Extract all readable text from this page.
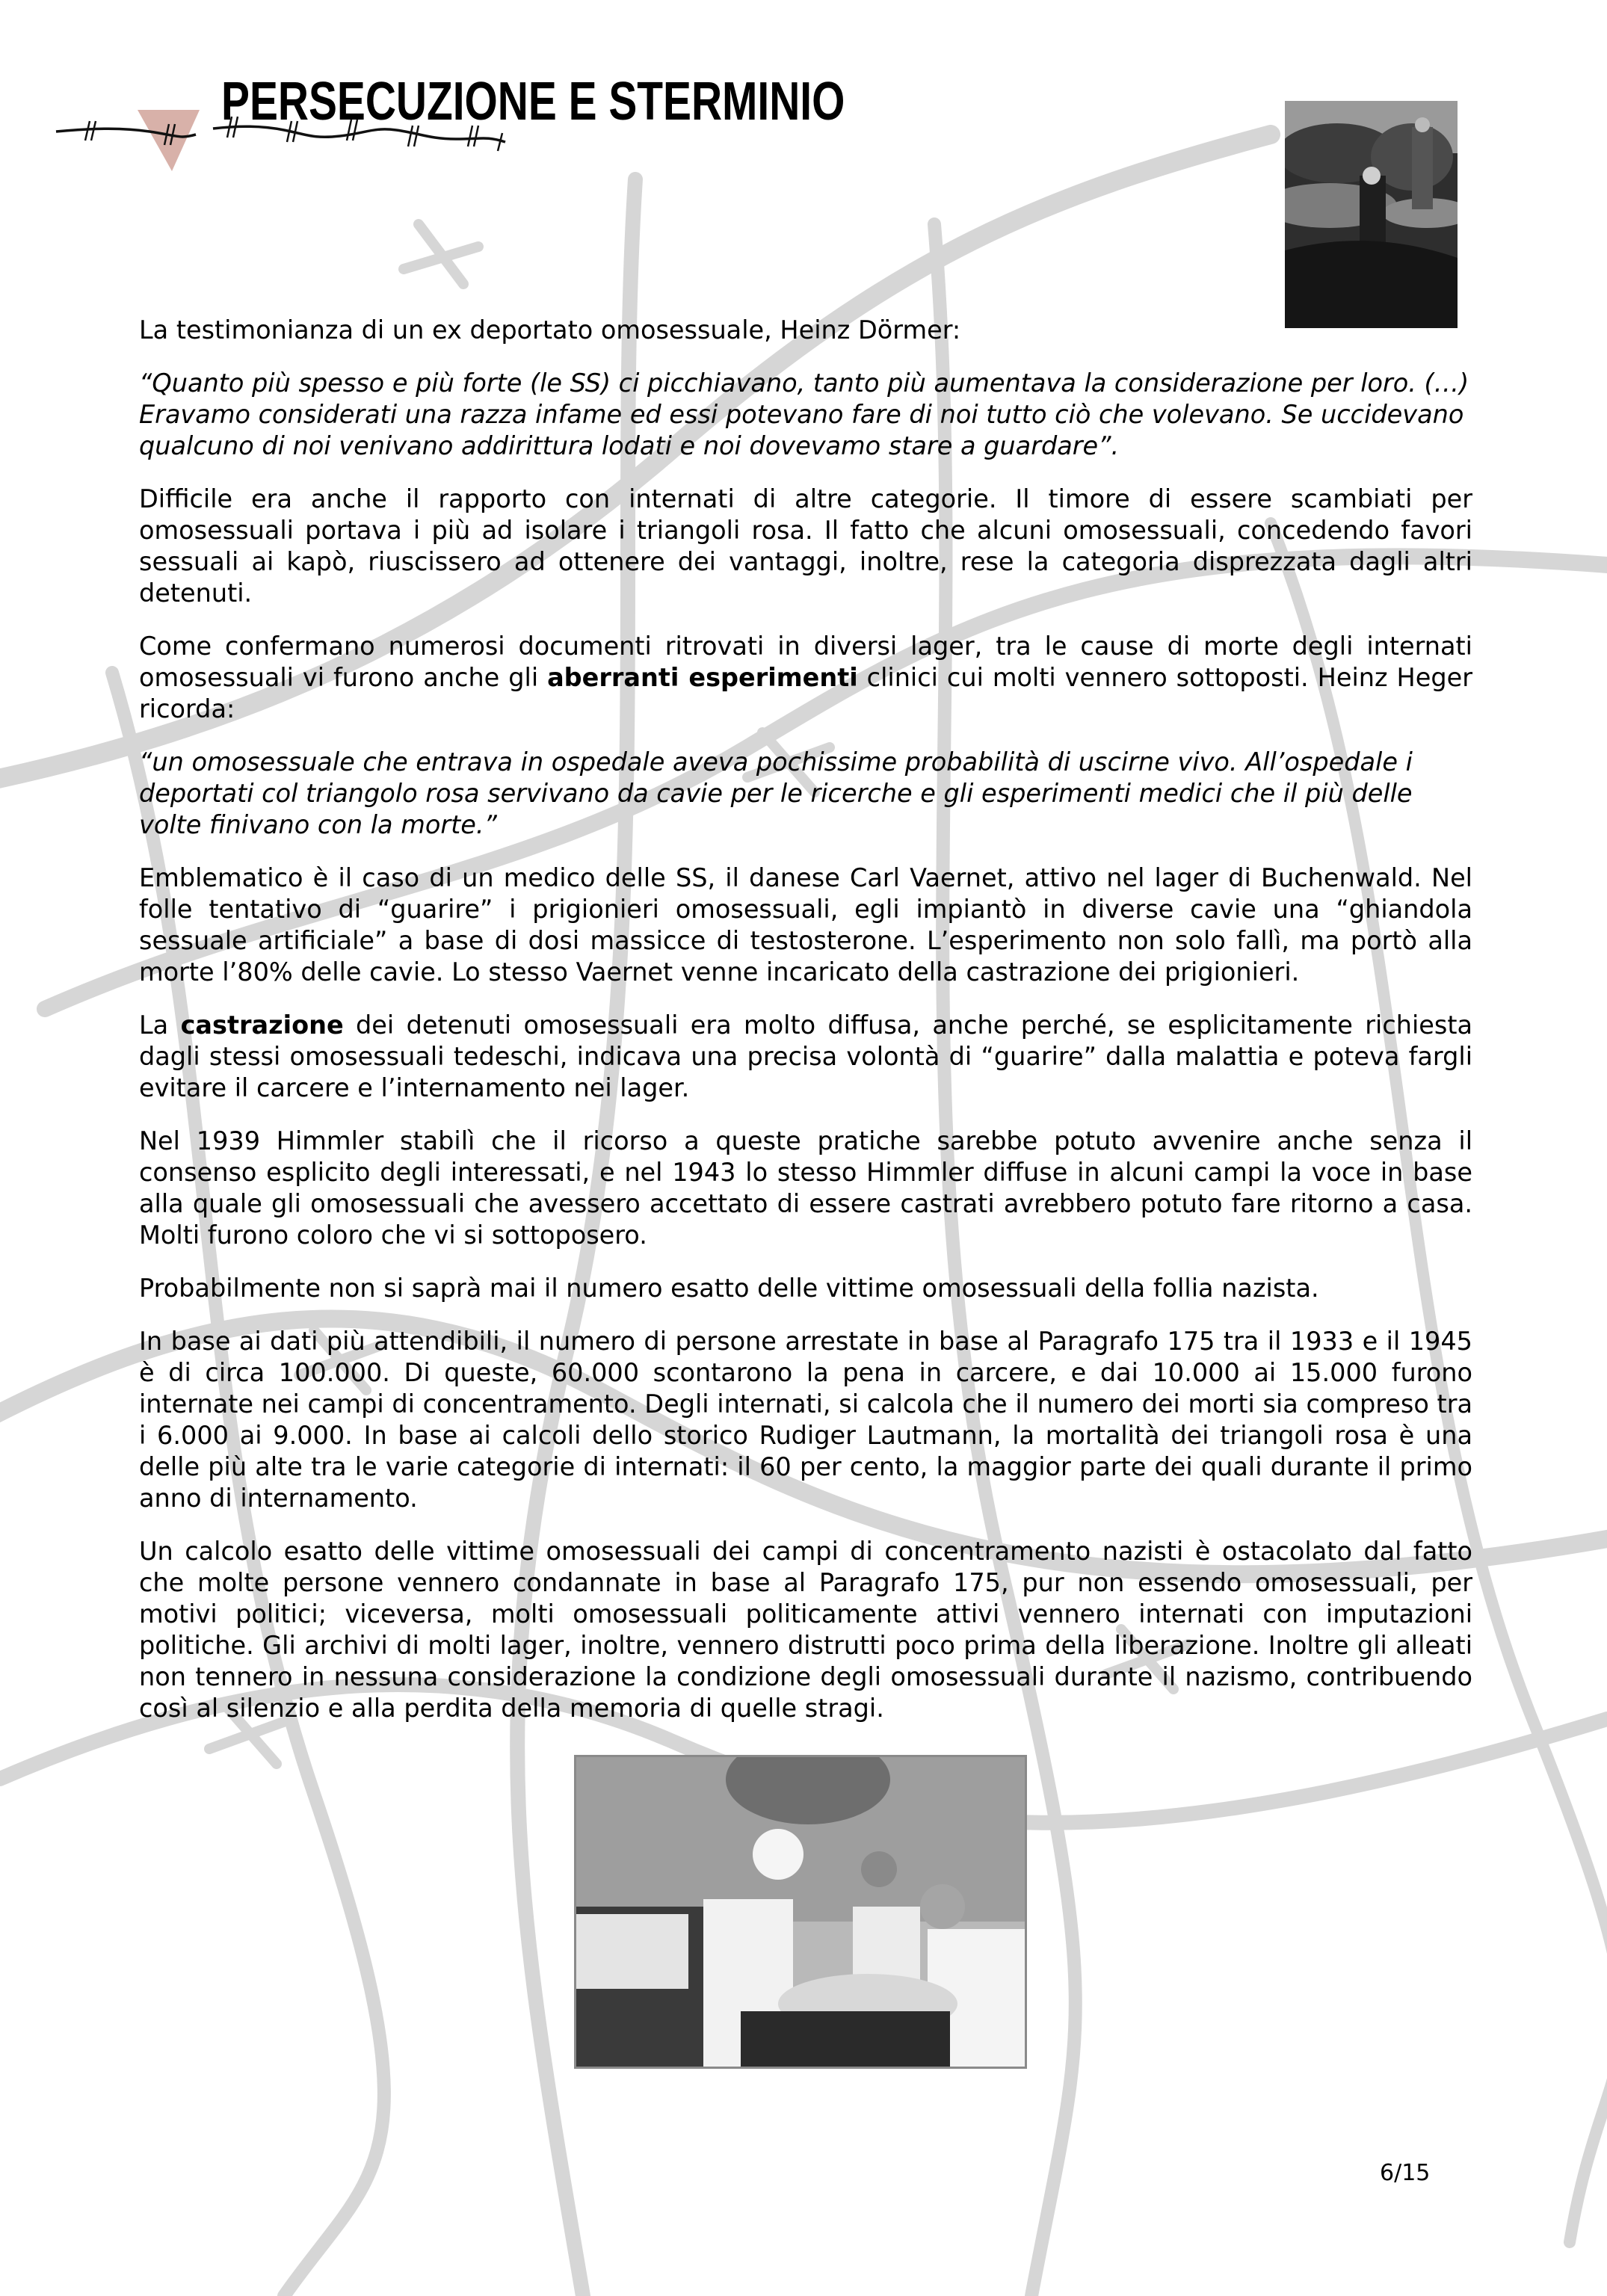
PERSECUZIONE E STERMINIO

La testimonianza di un ex deportato omosessuale, Heinz Dörmer:

“Quanto più spesso e più forte (le SS) ci picchiavano, tanto più aumentava la considerazione per loro. (…) Eravamo considerati una razza infame ed essi potevano fare di noi tutto ciò che volevano. Se uccidevano qualcuno di noi venivano addirittura lodati e noi dovevamo stare a guardare”.

Difficile era anche il rapporto con internati di altre categorie. Il timore di essere scambiati per omosessuali portava i più ad isolare i triangoli rosa. Il fatto che alcuni omosessuali, concedendo favori sessuali ai kapò, riuscissero ad ottenere dei vantaggi, inoltre, rese la categoria disprezzata dagli altri detenuti.

Come confermano numerosi documenti ritrovati in diversi lager, tra le cause di morte degli internati omosessuali vi furono anche gli aberranti esperimenti clinici cui molti vennero sottoposti. Heinz Heger ricorda:

“un omosessuale che entrava in ospedale aveva pochissime probabilità di uscirne vivo. All’ospedale i deportati col triangolo rosa servivano da cavie per le ricerche e gli esperimenti medici che il più delle volte finivano con la morte.”

Emblematico è il caso di un medico delle SS, il danese Carl Vaernet, attivo nel lager di Buchenwald. Nel folle tentativo di “guarire” i prigionieri omosessuali, egli impiantò in diverse cavie una “ghiandola sessuale artificiale” a base di dosi massicce di testosterone. L’esperimento non solo fallì, ma portò alla morte l’80% delle cavie. Lo stesso Vaernet venne incaricato della castrazione dei prigionieri.

La castrazione dei detenuti omosessuali era molto diffusa, anche perché, se esplicitamente richiesta dagli stessi omosessuali tedeschi, indicava una precisa volontà di “guarire” dalla malattia e poteva fargli evitare il carcere e l’internamento nei lager.

Nel 1939 Himmler stabilì che il ricorso a queste pratiche sarebbe potuto avvenire anche senza il consenso esplicito degli interessati, e nel 1943 lo stesso Himmler diffuse in alcuni campi la voce in base alla quale gli omosessuali che avessero accettato di essere castrati avrebbero potuto fare ritorno a casa. Molti furono coloro che vi si sottoposero.

Probabilmente non si saprà mai il numero esatto delle vittime omosessuali della follia nazista.

In base ai dati più attendibili, il numero di persone arrestate in base al Paragrafo 175 tra il 1933 e il 1945 è di circa 100.000. Di queste, 60.000 scontarono la pena in carcere, e dai 10.000 ai 15.000 furono internate nei campi di concentramento. Degli internati, si calcola che il numero dei morti sia compreso tra i 6.000 ai 9.000. In base ai calcoli dello storico Rudiger Lautmann, la mortalità dei triangoli rosa è una delle più alte tra le varie categorie di internati: il 60 per cento, la maggior parte dei quali durante il primo anno di internamento.

Un calcolo esatto delle vittime omosessuali dei campi di concentramento nazisti è ostacolato dal fatto che molte persone vennero condannate in base al Paragrafo 175, pur non essendo omosessuali, per motivi politici; viceversa, molti omosessuali politicamente attivi vennero internati con imputazioni politiche. Gli archivi di molti lager, inoltre, vennero distrutti poco prima della liberazione. Inoltre gli alleati non tennero in nessuna considerazione la condizione degli omosessuali durante il nazismo, contribuendo così al silenzio e alla perdita della memoria di quelle stragi.

6/15
